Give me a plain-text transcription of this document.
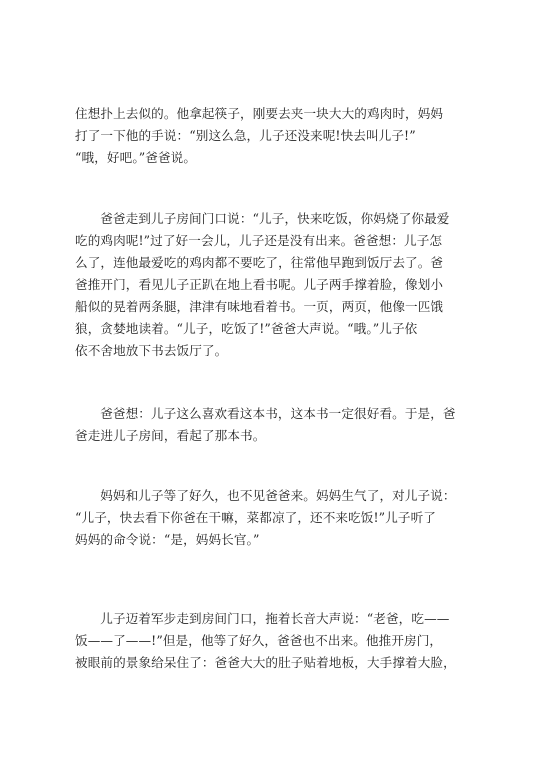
住想扑上去似的。他拿起筷子，刚要去夹一块大大的鸡肉时，妈妈
打了一下他的手说：“别这么急，儿子还没来呢!快去叫儿子!”
“哦，好吧。”爸爸说。
爸爸走到儿子房间门口说：“儿子，快来吃饭，你妈烧了你最爱
吃的鸡肉呢!”过了好一会儿，儿子还是没有出来。爸爸想：儿子怎
么了，连他最爱吃的鸡肉都不要吃了，往常他早跑到饭厅去了。爸
爸推开门，看见儿子正趴在地上看书呢。儿子两手撑着脸，像划小
船似的晃着两条腿，津津有味地看着书。一页，两页，他像一匹饿
狼，贪婪地读着。“儿子，吃饭了!”爸爸大声说。“哦。”儿子依
依不舍地放下书去饭厅了。
爸爸想：儿子这么喜欢看这本书，这本书一定很好看。于是，爸
爸走进儿子房间，看起了那本书。
妈妈和儿子等了好久，也不见爸爸来。妈妈生气了，对儿子说：
“儿子，快去看下你爸在干嘛，菜都凉了，还不来吃饭!”儿子听了
妈妈的命令说：“是，妈妈长官。”
儿子迈着军步走到房间门口，拖着长音大声说：“老爸，吃——
饭——了——!”但是，他等了好久，爸爸也不出来。他推开房门，
被眼前的景象给呆住了：爸爸大大的肚子贴着地板，大手撑着大脸，
